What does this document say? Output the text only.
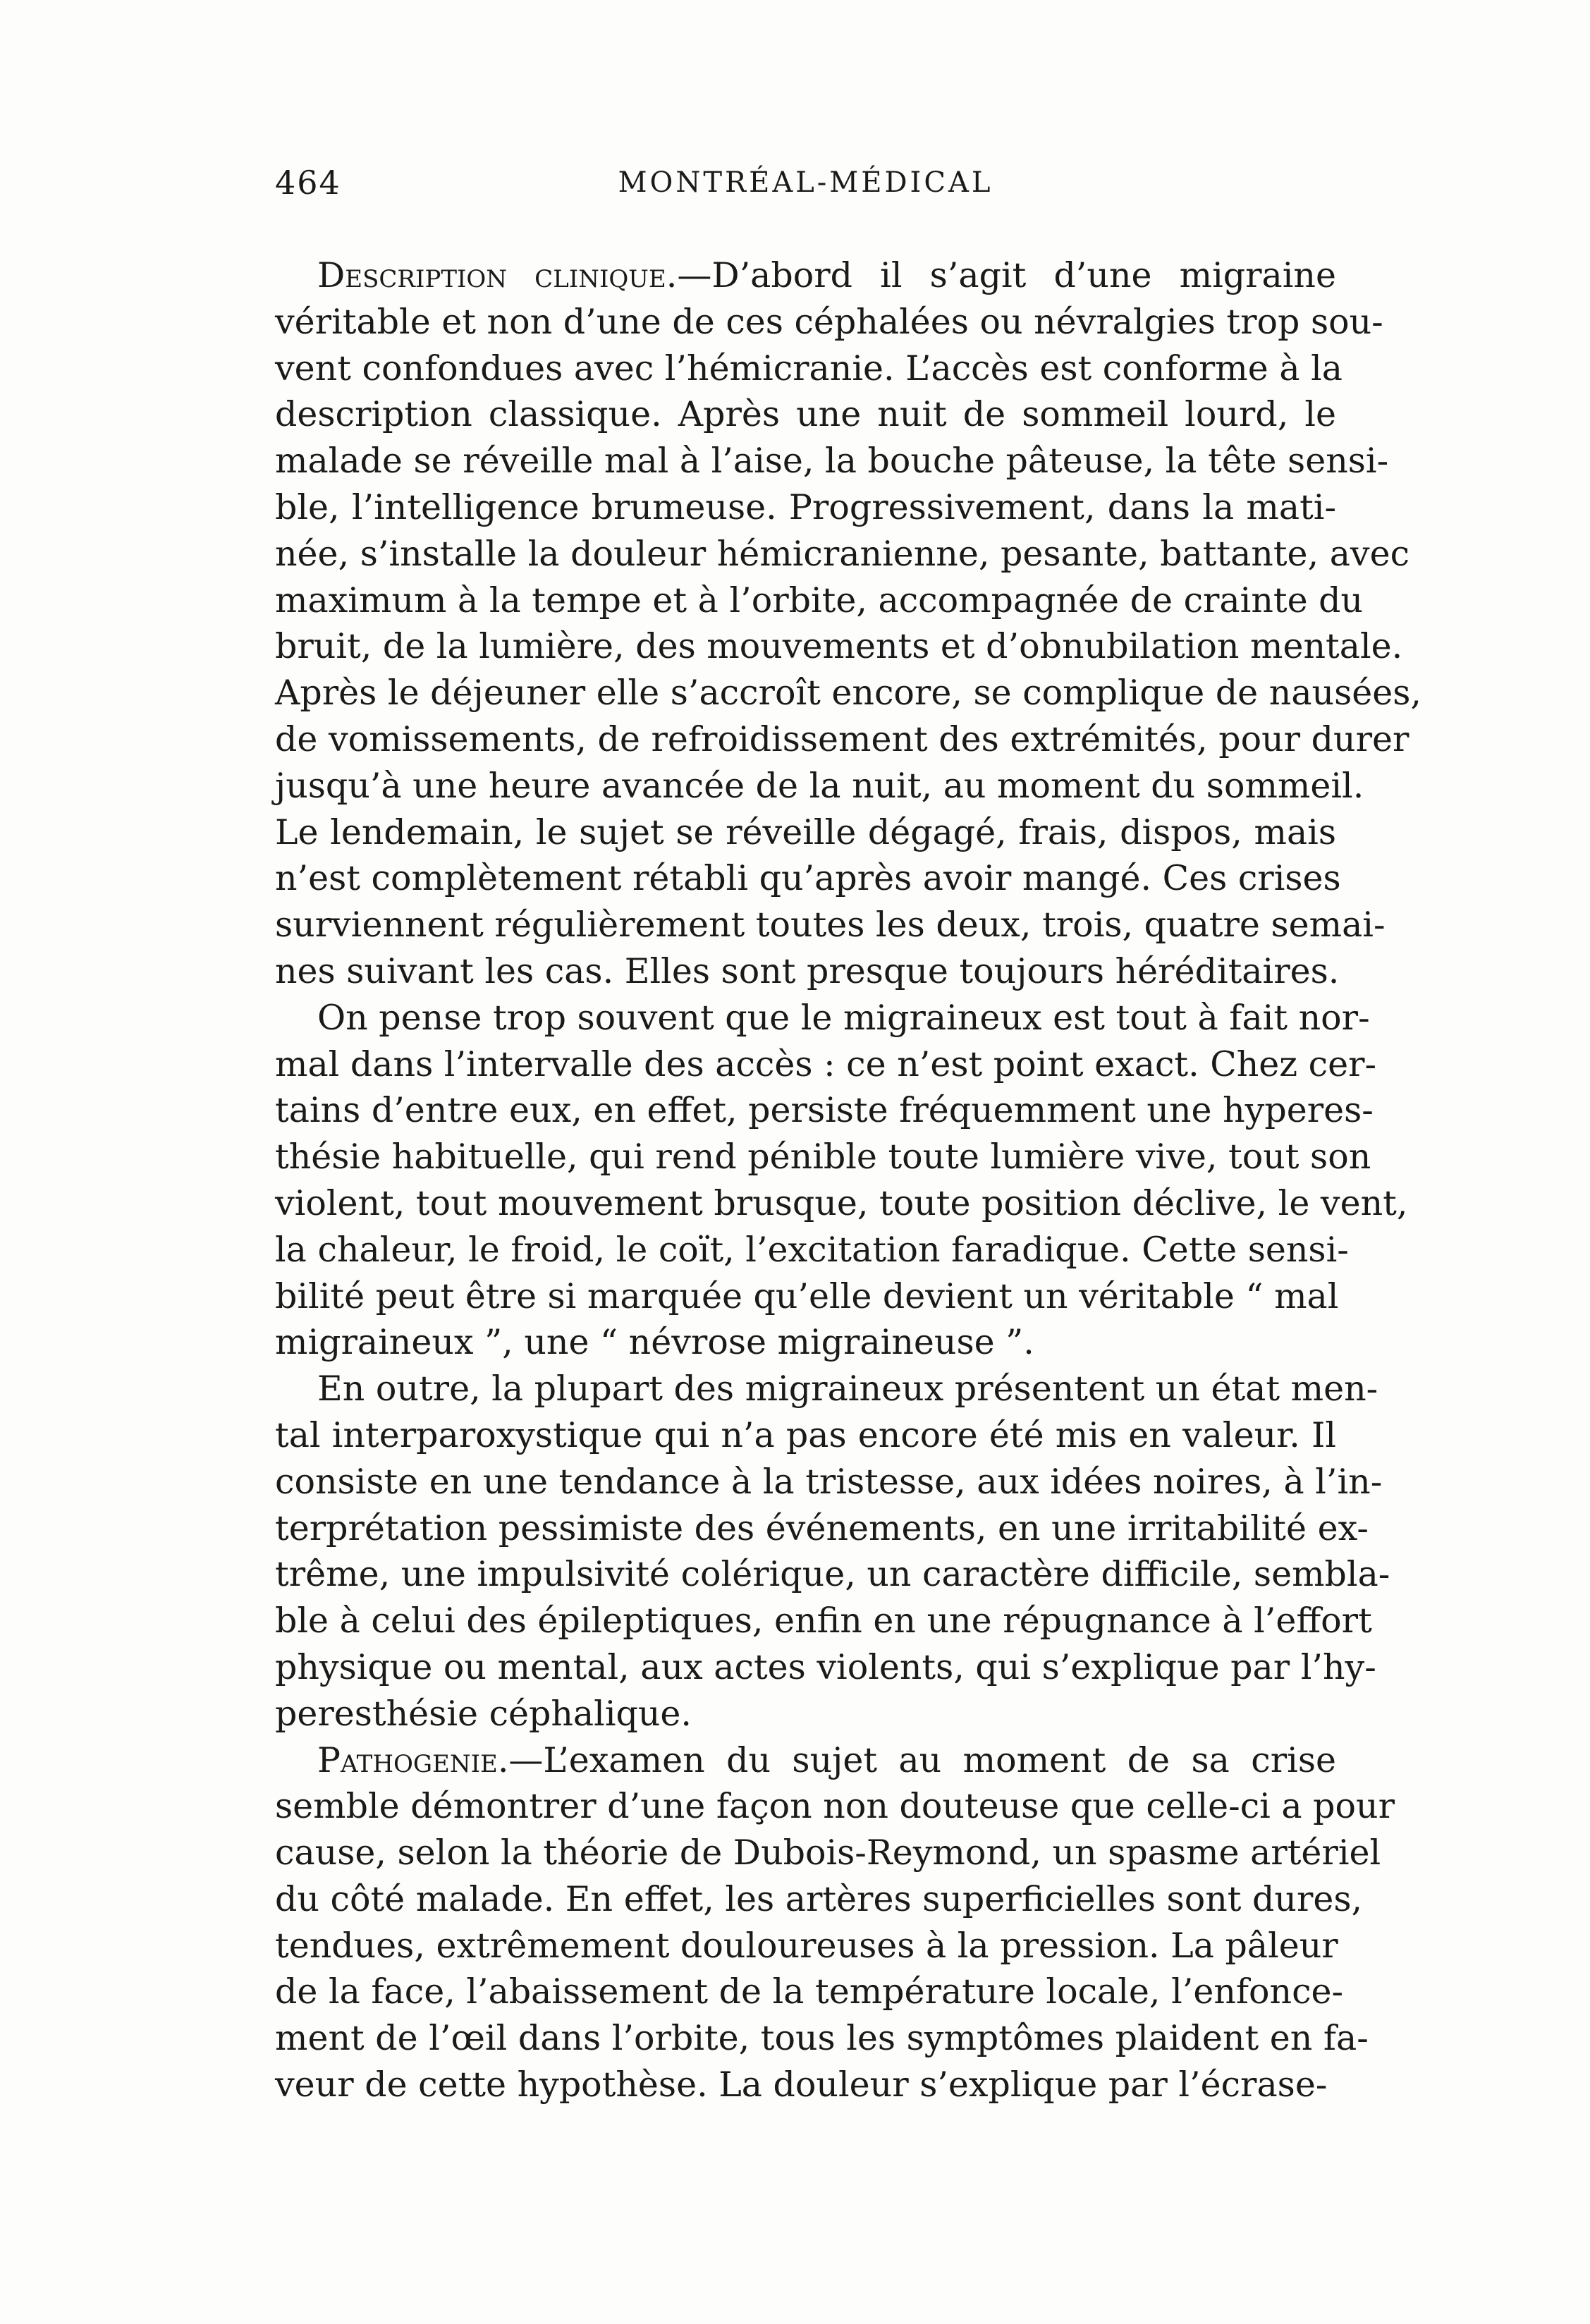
464	MONTRÉAL-MÉDICAL
Description clinique.—D’abord il s’agit d’une migraine
véritable et non d’une de ces céphalées ou névralgies trop sou-
vent confondues avec l’hémicranie. L’accès est conforme à la
description classique. Après une nuit de sommeil lourd, le
malade se réveille mal à l’aise, la bouche pâteuse, la tête sensi-
ble, l’intelligence brumeuse. Progressivement, dans la mati-
née, s’installe la douleur hémicranienne, pesante, battante, avec
maximum à la tempe et à l’orbite, accompagnée de crainte du
bruit, de la lumière, des mouvements et d’obnubilation mentale.
Après le déjeuner elle s’accroît encore, se complique de nausées,
de vomissements, de refroidissement des extrémités, pour durer
jusqu’à une heure avancée de la nuit, au moment du sommeil.
Le lendemain, le sujet se réveille dégagé, frais, dispos, mais
n’est complètement rétabli qu’après avoir mangé. Ces crises
surviennent régulièrement toutes les deux, trois, quatre semai-
nes suivant les cas. Elles sont presque toujours héréditaires.
On pense trop souvent que le migraineux est tout à fait nor-
mal dans l’intervalle des accès : ce n’est point exact. Chez cer-
tains d’entre eux, en effet, persiste fréquemment une hyperes-
thésie habituelle, qui rend pénible toute lumière vive, tout son
violent, tout mouvement brusque, toute position déclive, le vent,
la chaleur, le froid, le coït, l’excitation faradique. Cette sensi-
bilité peut être si marquée qu’elle devient un véritable “ mal
migraineux ”, une “ névrose migraineuse ”.
En outre, la plupart des migraineux présentent un état men-
tal interparoxystique qui n’a pas encore été mis en valeur. Il
consiste en une tendance à la tristesse, aux idées noires, à l’in-
terprétation pessimiste des événements, en une irritabilité ex-
trême, une impulsivité colérique, un caractère difficile, sembla-
ble à celui des épileptiques, enfin en une répugnance à l’effort
physique ou mental, aux actes violents, qui s’explique par l’hy-
peresthésie céphalique.
Pathogenie.—L’examen du sujet au moment de sa crise
semble démontrer d’une façon non douteuse que celle-ci a pour
cause, selon la théorie de Dubois-Reymond, un spasme artériel
du côté malade. En effet, les artères superficielles sont dures,
tendues, extrêmement douloureuses à la pression. La pâleur
de la face, l’abaissement de la température locale, l’enfonce-
ment de l’œil dans l’orbite, tous les symptômes plaident en fa-
veur de cette hypothèse. La douleur s’explique par l’écrase-
